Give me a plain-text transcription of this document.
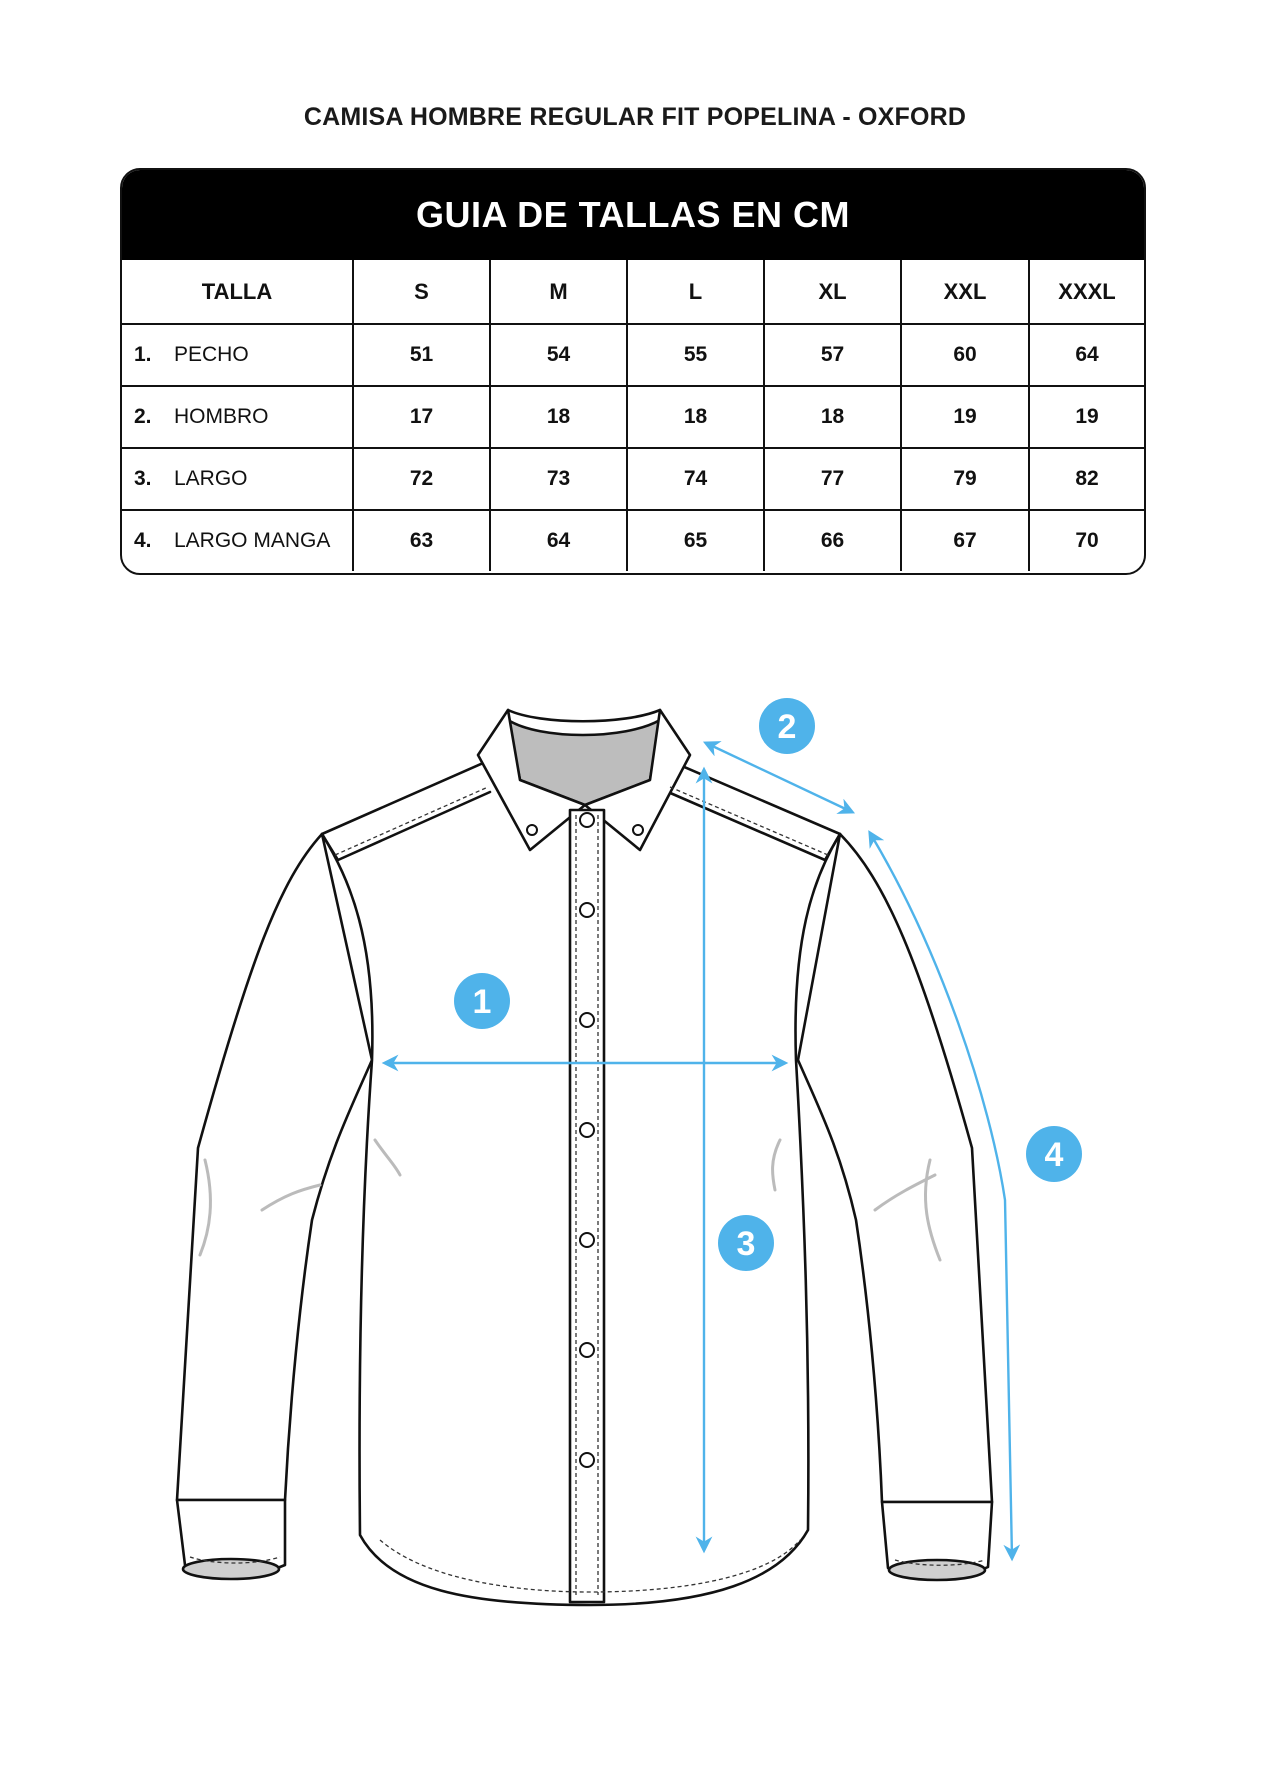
CAMISA HOMBRE REGULAR FIT POPELINA - OXFORD
GUIA DE TALLAS EN CM
TALLA	S	M	L	XL	XXL	XXXL
1. PECHO	51	54	55	57	60	64
2. HOMBRO	17	18	18	18	19	19
3. LARGO	72	73	74	77	79	82
4. LARGO MANGA	63	64	65	66	67	70
1
2
3
4
